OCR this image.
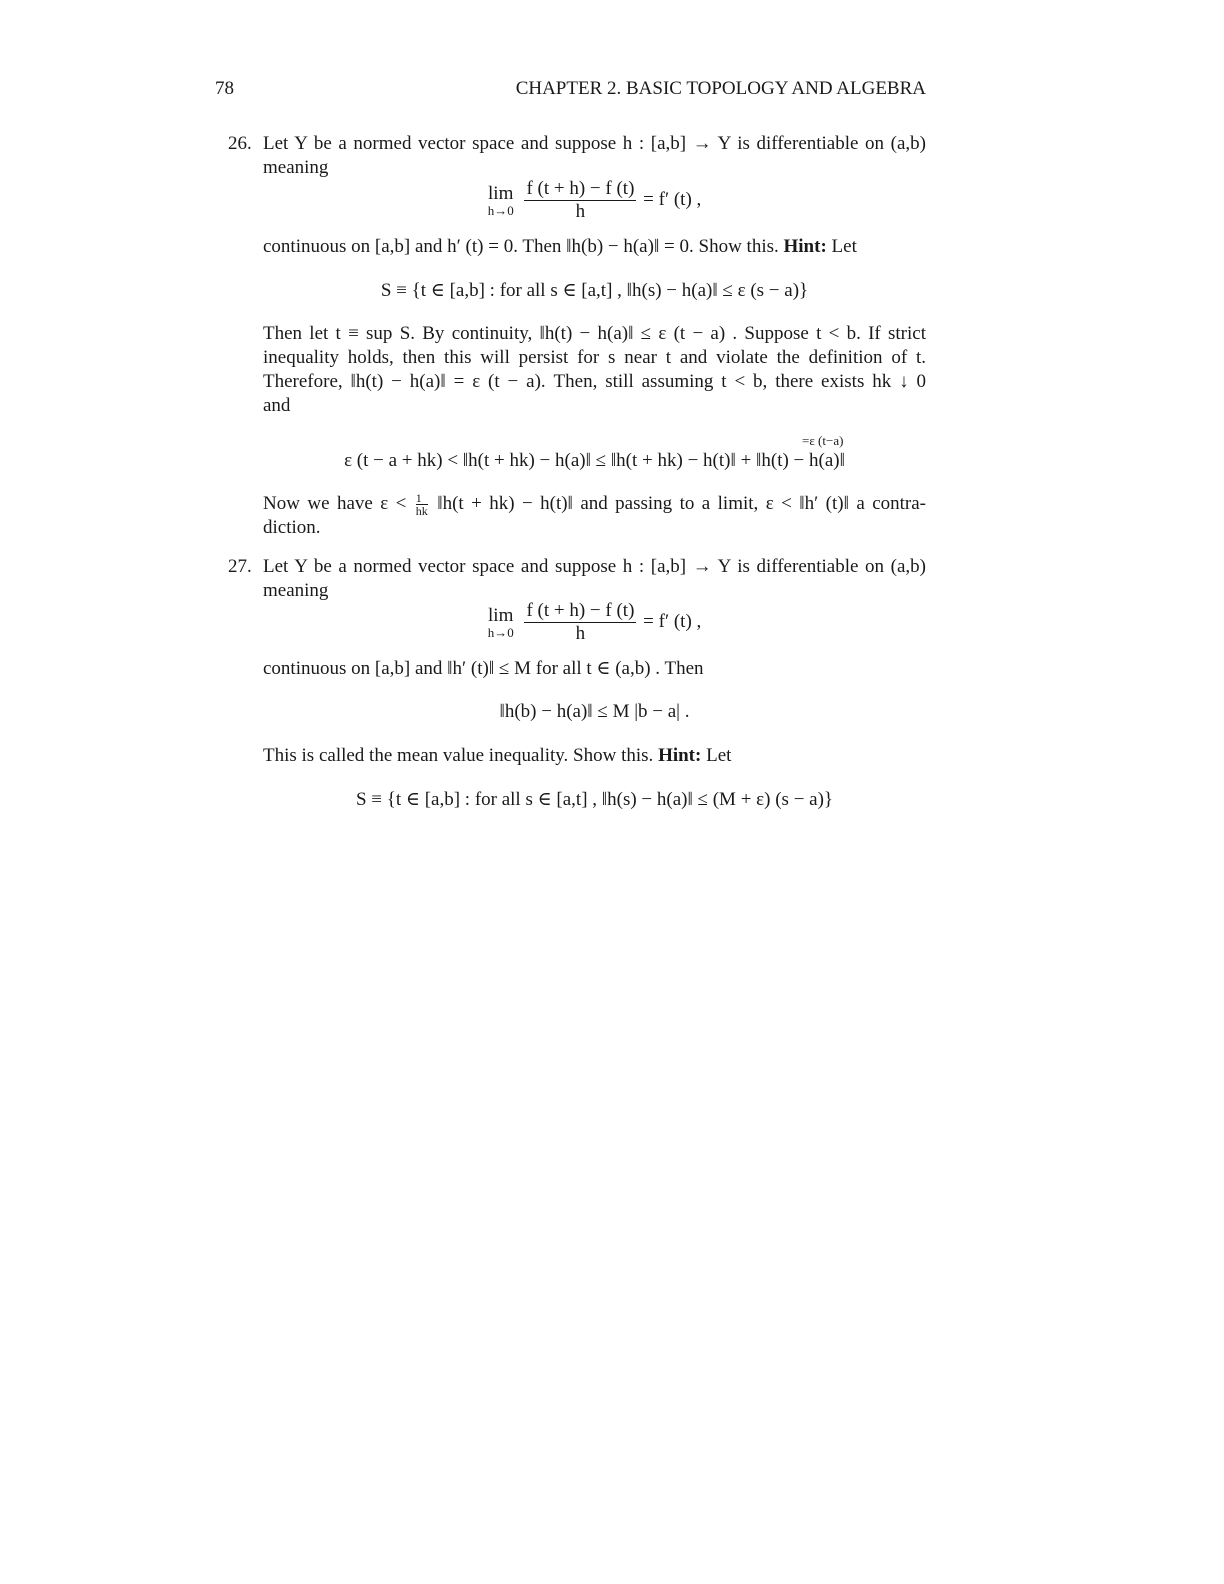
78	CHAPTER 2. BASIC TOPOLOGY AND ALGEBRA
26. Let Y be a normed vector space and suppose h : [a,b] → Y is differentiable on (a,b)
meaning
lim
h→0
$\frac{f (t + h) - f (t)}{h} = f'$ (t) ,
continuous on [a,b] and h′ (t) = 0. Then ‖h(b) − h(a)‖ = 0. Show this. Hint: Let
S ≡ {t ∈ [a,b] : for all s ∈ [a,t] , ‖h(s) − h(a)‖ ≤ ε (s − a)}
Then let t ≡ sup S. By continuity, ‖h(t) − h(a)‖ ≤ ε (t − a) . Suppose t < b. If strict
inequality holds, then this will persist for s near t and violate the definition of t.
Therefore, ‖h(t) − h(a)‖ = ε (t − a). Then, still assuming t < b, there exists hk ↓ 0
and
=ε (t−a)
ε (t − a + hk) < ‖h(t + hk) − h(a)‖ ≤ ‖h(t + hk) − h(t)‖ + ‖h(t) − h(a)‖
Now we have $\varepsilon < \frac{1}{hk}$ ‖h(t + hk) − h(t)‖ and passing to a limit, ε < ‖h′ (t)‖ a contra-
diction.
27. Let Y be a normed vector space and suppose h : [a,b] → Y is differentiable on (a,b)
meaning
lim
h→0
$\frac{f (t + h) - f (t)}{h} = f'$ (t) ,
continuous on [a,b] and ‖h′ (t)‖ ≤ M for all t ∈ (a,b) . Then
‖h(b) − h(a)‖ ≤ M |b − a| .
This is called the mean value inequality. Show this. Hint: Let
S ≡ {t ∈ [a,b] : for all s ∈ [a,t] , ‖h(s) − h(a)‖ ≤ (M + ε) (s − a)}
